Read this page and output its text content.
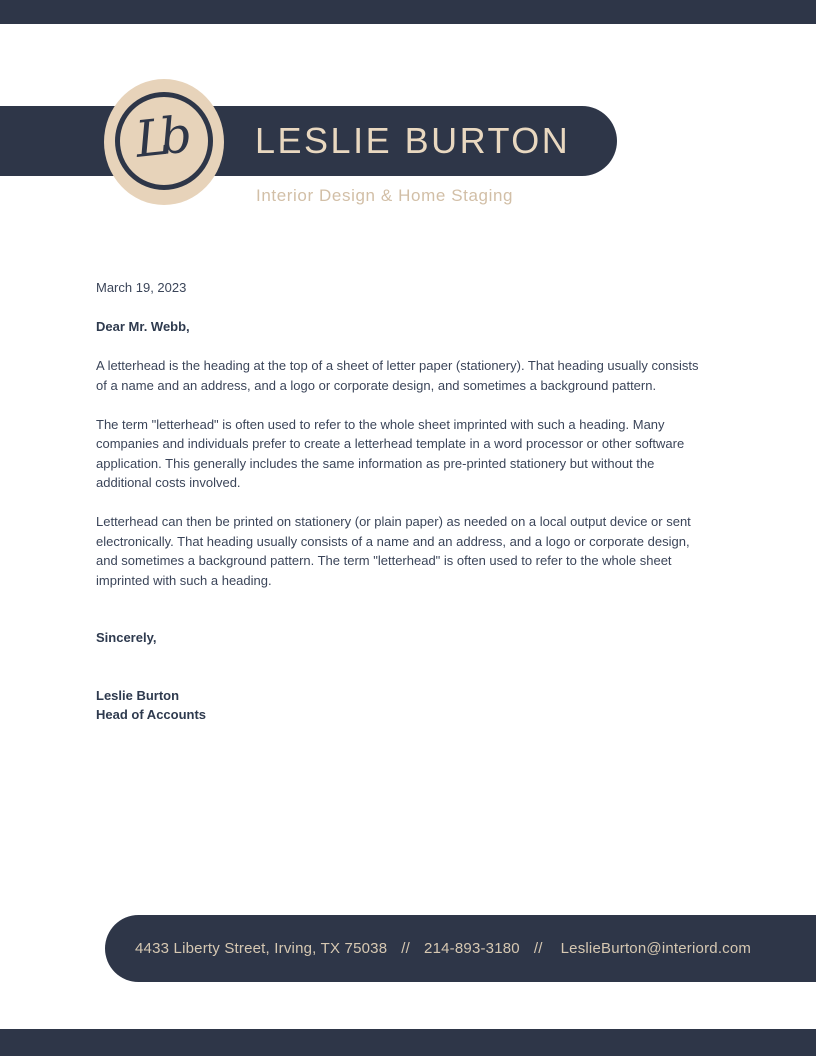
LESLIE BURTON
Lb
Interior Design & Home Staging

March 19, 2023

Dear Mr. Webb,

A letterhead is the heading at the top of a sheet of letter paper (stationery). That heading usually consists of a name and an address, and a logo or corporate design, and sometimes a background pattern.

The term "letterhead" is often used to refer to the whole sheet imprinted with such a heading. Many companies and individuals prefer to create a letterhead template in a word processor or other software application. This generally includes the same information as pre-printed stationery but without the additional costs involved.

Letterhead can then be printed on stationery (or plain paper) as needed on a local output device or sent electronically. That heading usually consists of a name and an address, and a logo or corporate design, and sometimes a background pattern. The term "letterhead" is often used to refer to the whole sheet imprinted with such a heading.

Sincerely,

Leslie Burton

Head of Accounts

4433 Liberty Street, Irving, TX 75038 // 214-893-3180 // LeslieBurton@interiord.com
